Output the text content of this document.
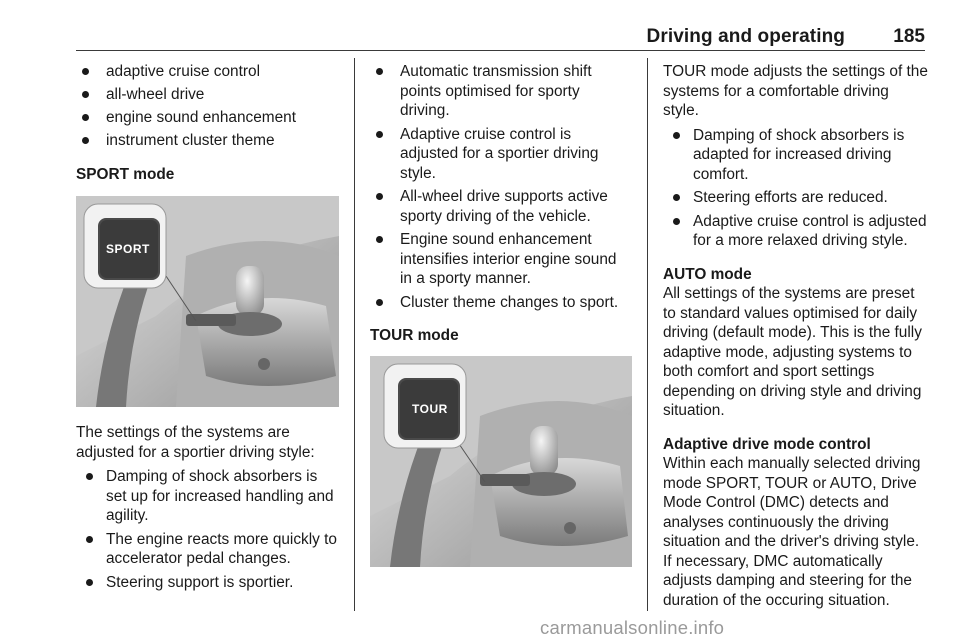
Driving and operating	185
adaptive cruise control
all-wheel drive
engine sound enhancement
instrument cluster theme

SPORT mode

SPORT

The settings of the systems are adjusted for a sportier driving style:

Damping of shock absorbers is set up for increased handling and agility.
The engine reacts more quickly to accelerator pedal changes.
Steering support is sportier.
Automatic transmission shift points optimised for sporty driving.
Adaptive cruise control is adjusted for a sportier driving style.
All-wheel drive supports active sporty driving of the vehicle.
Engine sound enhancement intensifies interior engine sound in a sporty manner.
Cluster theme changes to sport.

TOUR mode

TOUR

TOUR mode adjusts the settings of the systems for a comfortable driving style.

Damping of shock absorbers is adapted for increased driving comfort.
Steering efforts are reduced.
Adaptive cruise control is adjusted for a more relaxed driving style.

AUTO mode

All settings of the systems are preset to standard values optimised for daily driving (default mode). This is the fully adaptive mode, adjusting systems to both comfort and sport settings depending on driving style and driving situation.

Adaptive drive mode control

Within each manually selected driving mode SPORT, TOUR or AUTO, Drive Mode Control (DMC) detects and analyses continuously the driving situation and the driver's driving style. If necessary, DMC automatically adjusts damping and steering for the duration of the occuring situation.

carmanualsonline.info
